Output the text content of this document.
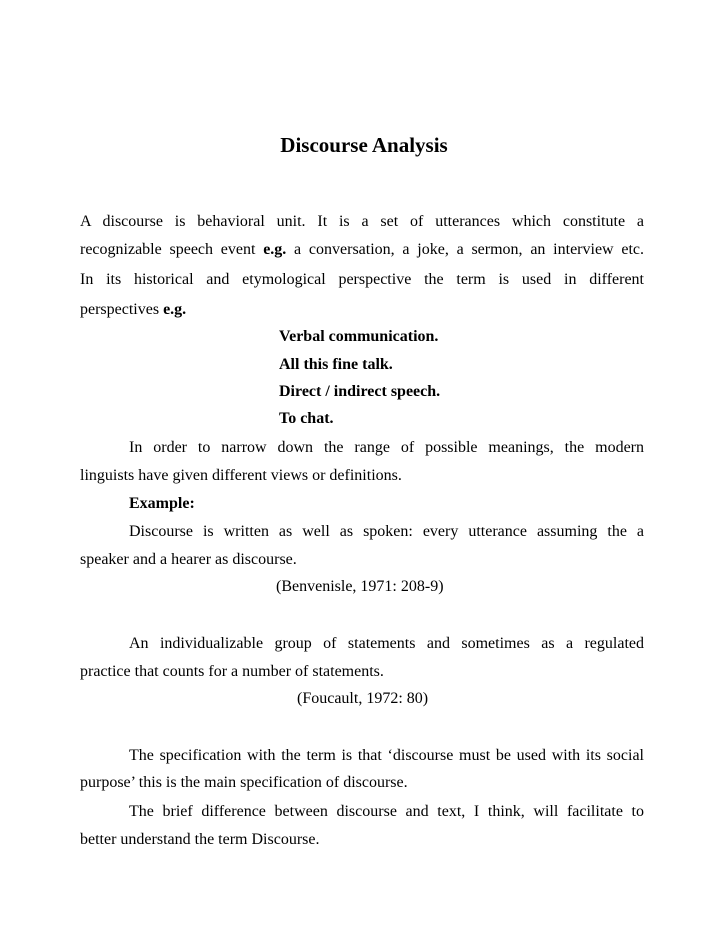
Discourse Analysis
A discourse is behavioral unit. It is a set of utterances which constitute a
recognizable speech event e.g. a conversation, a joke, a sermon, an interview etc.
In its historical and etymological perspective the term is used in different
perspectives e.g.
Verbal communication.
All this fine talk.
Direct / indirect speech.
To chat.
In order to narrow down the range of possible meanings, the modern
linguists have given different views or definitions.
Example:
Discourse is written as well as spoken: every utterance assuming the a
speaker and a hearer as discourse.
(Benvenisle, 1971: 208-9)
An individualizable group of statements and sometimes as a regulated
practice that counts for a number of statements.
(Foucault, 1972: 80)
The specification with the term is that ‘discourse must be used with its social
purpose’ this is the main specification of discourse.
The brief difference between discourse and text, I think, will facilitate to
better understand the term Discourse.
